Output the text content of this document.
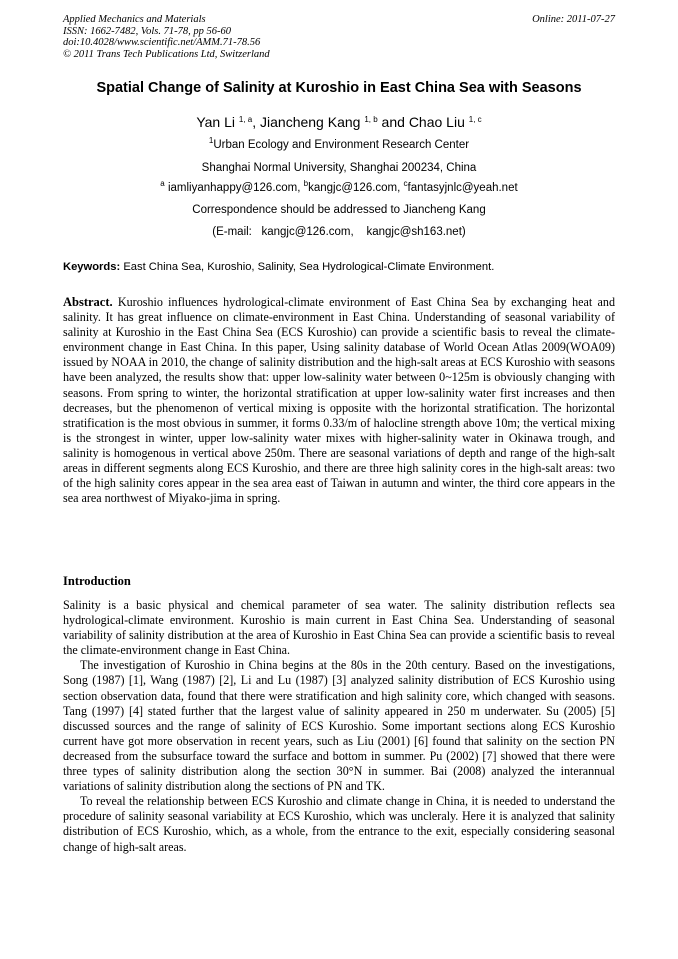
Applied Mechanics and Materials
ISSN: 1662-7482, Vols. 71-78, pp 56-60
doi:10.4028/www.scientific.net/AMM.71-78.56
© 2011 Trans Tech Publications Ltd, Switzerland
Online: 2011-07-27
Spatial Change of Salinity at Kuroshio in East China Sea with Seasons
Yan Li $^{1, a}$, Jiancheng Kang $^{1, b}$ and Chao Liu $^{1, c}$
$^1$Urban Ecology and Environment Research Center
Shanghai Normal University, Shanghai 200234, China
$^a$ iamliyanhappy@126.com, $^b$kangjc@126.com, $^c$fantasyjnlc@yeah.net
Correspondence should be addressed to Jiancheng Kang
(E-mail:   kangjc@126.com,    kangjc@sh163.net)
Keywords: East China Sea, Kuroshio, Salinity, Sea Hydrological-Climate Environment.
Abstract. Kuroshio influences hydrological-climate environment of East China Sea by exchanging heat and salinity. It has great influence on climate-environment in East China. Understanding of seasonal variability of salinity at Kuroshio in the East China Sea (ECS Kuroshio) can provide a scientific basis to reveal the climate-environment change in East China. In this paper, Using salinity database of World Ocean Atlas 2009(WOA09) issued by NOAA in 2010, the change of salinity distribution and the high-salt areas at ECS Kuroshio with seasons have been analyzed, the results show that: upper low-salinity water between 0~125m is obviously changing with seasons. From spring to winter, the horizontal stratification at upper low-salinity water first increases and then decreases, but the phenomenon of vertical mixing is opposite with the horizontal stratification. The horizontal stratification is the most obvious in summer, it forms 0.33/m of halocline strength above 10m; the vertical mixing is the strongest in winter, upper low-salinity water mixes with higher-salinity water in Okinawa trough, and salinity is homogenous in vertical above 250m. There are seasonal variations of depth and range of the high-salt areas in different segments along ECS Kuroshio, and there are three high salinity cores in the high-salt areas: two of the high salinity cores appear in the sea area east of Taiwan in autumn and winter, the third core appears in the sea area northwest of Miyako-jima in spring.
Introduction
Salinity is a basic physical and chemical parameter of sea water. The salinity distribution reflects sea hydrological-climate environment. Kuroshio is main current in East China Sea. Understanding of seasonal variability of salinity distribution at the area of Kuroshio in East China Sea can provide a scientific basis to reveal the climate-environment change in East China.
The investigation of Kuroshio in China begins at the 80s in the 20th century. Based on the investigations, Song (1987) [1], Wang (1987) [2], Li and Lu (1987) [3] analyzed salinity distribution of ECS Kuroshio using section observation data, found that there were stratification and high salinity core, which changed with seasons. Tang (1997) [4] stated further that the largest value of salinity appeared in 250 m underwater. Su (2005) [5] discussed sources and the range of salinity of ECS Kuroshio. Some important sections along ECS Kuroshio current have got more observation in recent years, such as Liu (2001) [6] found that salinity on the section PN decreased from the subsurface toward the surface and bottom in summer. Pu (2002) [7] showed that there were three types of salinity distribution along the section 30°N in summer. Bai (2008) analyzed the interannual variations of salinity distribution along the sections of PN and TK.
To reveal the relationship between ECS Kuroshio and climate change in China, it is needed to understand the procedure of salinity seasonal variability at ECS Kuroshio, which was uncleraly. Here it is analyzed that salinity distribution of ECS Kuroshio, which, as a whole, from the entrance to the exit, especially considering seasonal change of high-salt areas.
